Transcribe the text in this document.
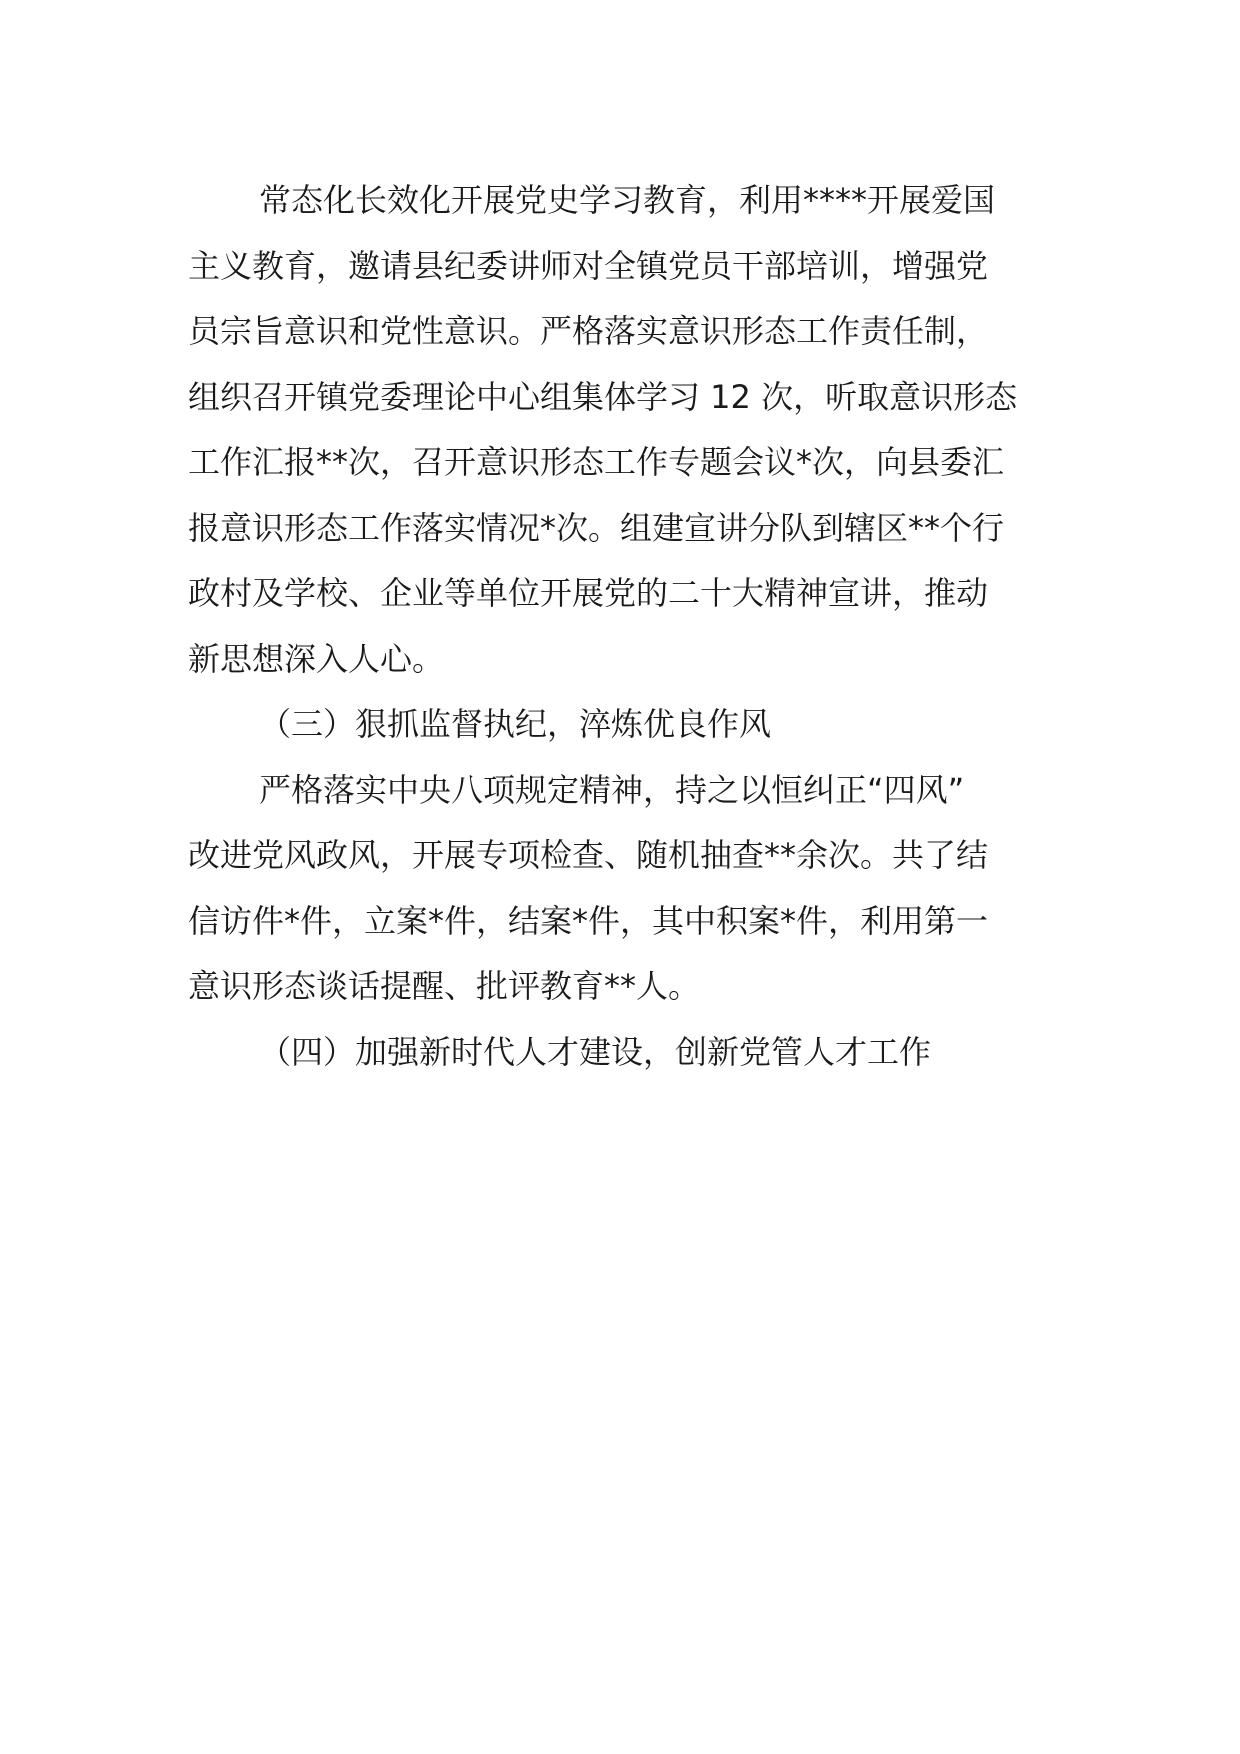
常态化长效化开展党史学习教育，利用****开展爱国
主义教育，邀请县纪委讲师对全镇党员干部培训，增强党
员宗旨意识和党性意识。严格落实意识形态工作责任制，
组织召开镇党委理论中心组集体学习 12 次，听取意识形态
工作汇报**次，召开意识形态工作专题会议*次，向县委汇
报意识形态工作落实情况*次。组建宣讲分队到辖区**个行
政村及学校、企业等单位开展党的二十大精神宣讲，推动
新思想深入人心。
（三）狠抓监督执纪，淬炼优良作风
严格落实中央八项规定精神，持之以恒纠正“四风”
改进党风政风，开展专项检查、随机抽查**余次。共了结
信访件*件，立案*件，结案*件，其中积案*件，利用第一
意识形态谈话提醒、批评教育**人。
（四）加强新时代人才建设，创新党管人才工作
